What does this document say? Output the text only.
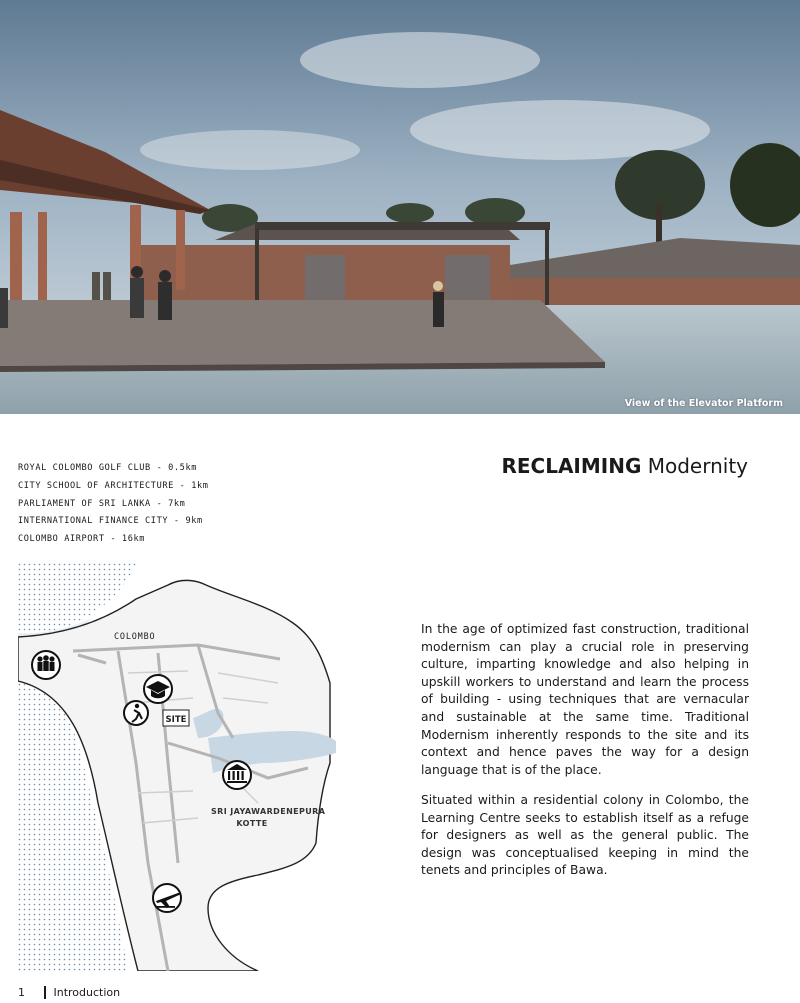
View of the Elevator Platform
ROYAL COLOMBO GOLF CLUB - 0.5km
CITY SCHOOL OF ARCHITECTURE - 1km
PARLIAMENT OF SRI LANKA - 7km
INTERNATIONAL FINANCE CITY - 9km
COLOMBO AIRPORT - 16km
RECLAIMING Modernity
COLOMBO
SITE
SRI JAYAWARDENEPURA
KOTTE

In the age of optimized fast construction, traditional modernism can play a crucial role in preserving culture, imparting knowledge and also helping in upskill workers to understand and learn the process of building - using techniques that are vernacular and sustainable at the same time. Traditional Modernism inherently responds to the site and its context and hence paves the way for a design language that is of the place.

Situated within a residential colony in Colombo, the Learning Centre seeks to establish itself as a refuge for designers as well as the general public. The design was conceptualised keeping in mind the tenets and principles of Bawa.

1	Introduction
